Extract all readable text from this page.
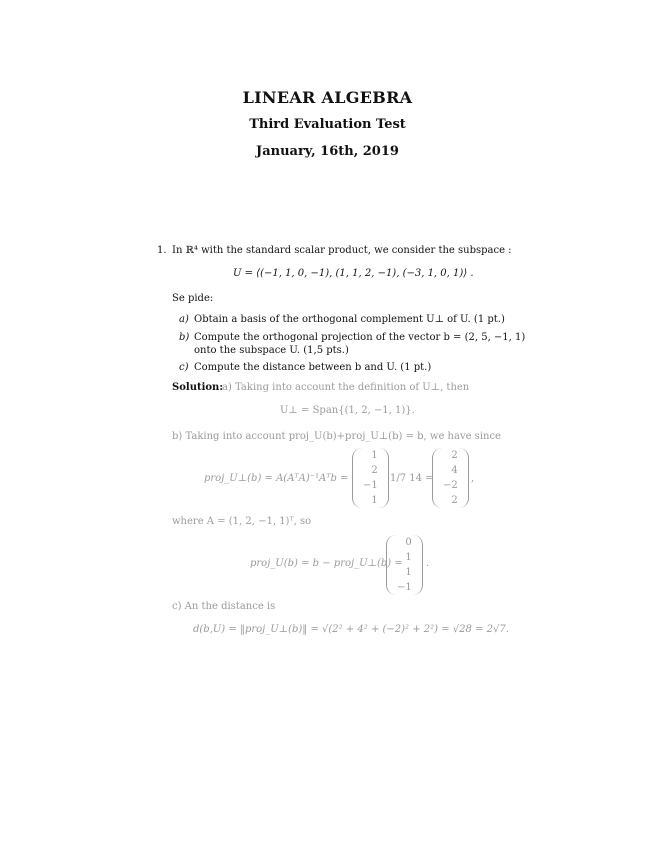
LINEAR ALGEBRA
Third Evaluation Test
January, 16th, 2019
1. In ℝ⁴ with the standard scalar product, we consider the subspace :
U = ⟨(−1, 1, 0, −1), (1, 1, 2, −1), (−3, 1, 0, 1)⟩ .
Se pide:
a) Obtain a basis of the orthogonal complement U⊥ of U. (1 pt.)
b) Compute the orthogonal projection of the vector b = (2, 5, −1, 1)
onto the subspace U. (1,5 pts.)
c) Compute the distance between b and U. (1 pt.)
Solution:
a) Taking into account the definition of U⊥, then
U⊥ = Span{(1, 2, −1, 1)}.
b) Taking into account proj_U(b)+proj_U⊥(b) = b, we have since
proj_U⊥(b) = A(AᵀA)⁻¹Aᵀb =
1
2
−1
1
1/7 14 =
2
4
−2
2
,
where A = (1, 2, −1, 1)ᵀ, so
proj_U(b) = b − proj_U⊥(b) =
0
1
1
−1
.
c) An the distance is
d(b,U) = ‖proj_U⊥(b)‖ = √(2² + 4² + (−2)² + 2²) = √28 = 2√7.
